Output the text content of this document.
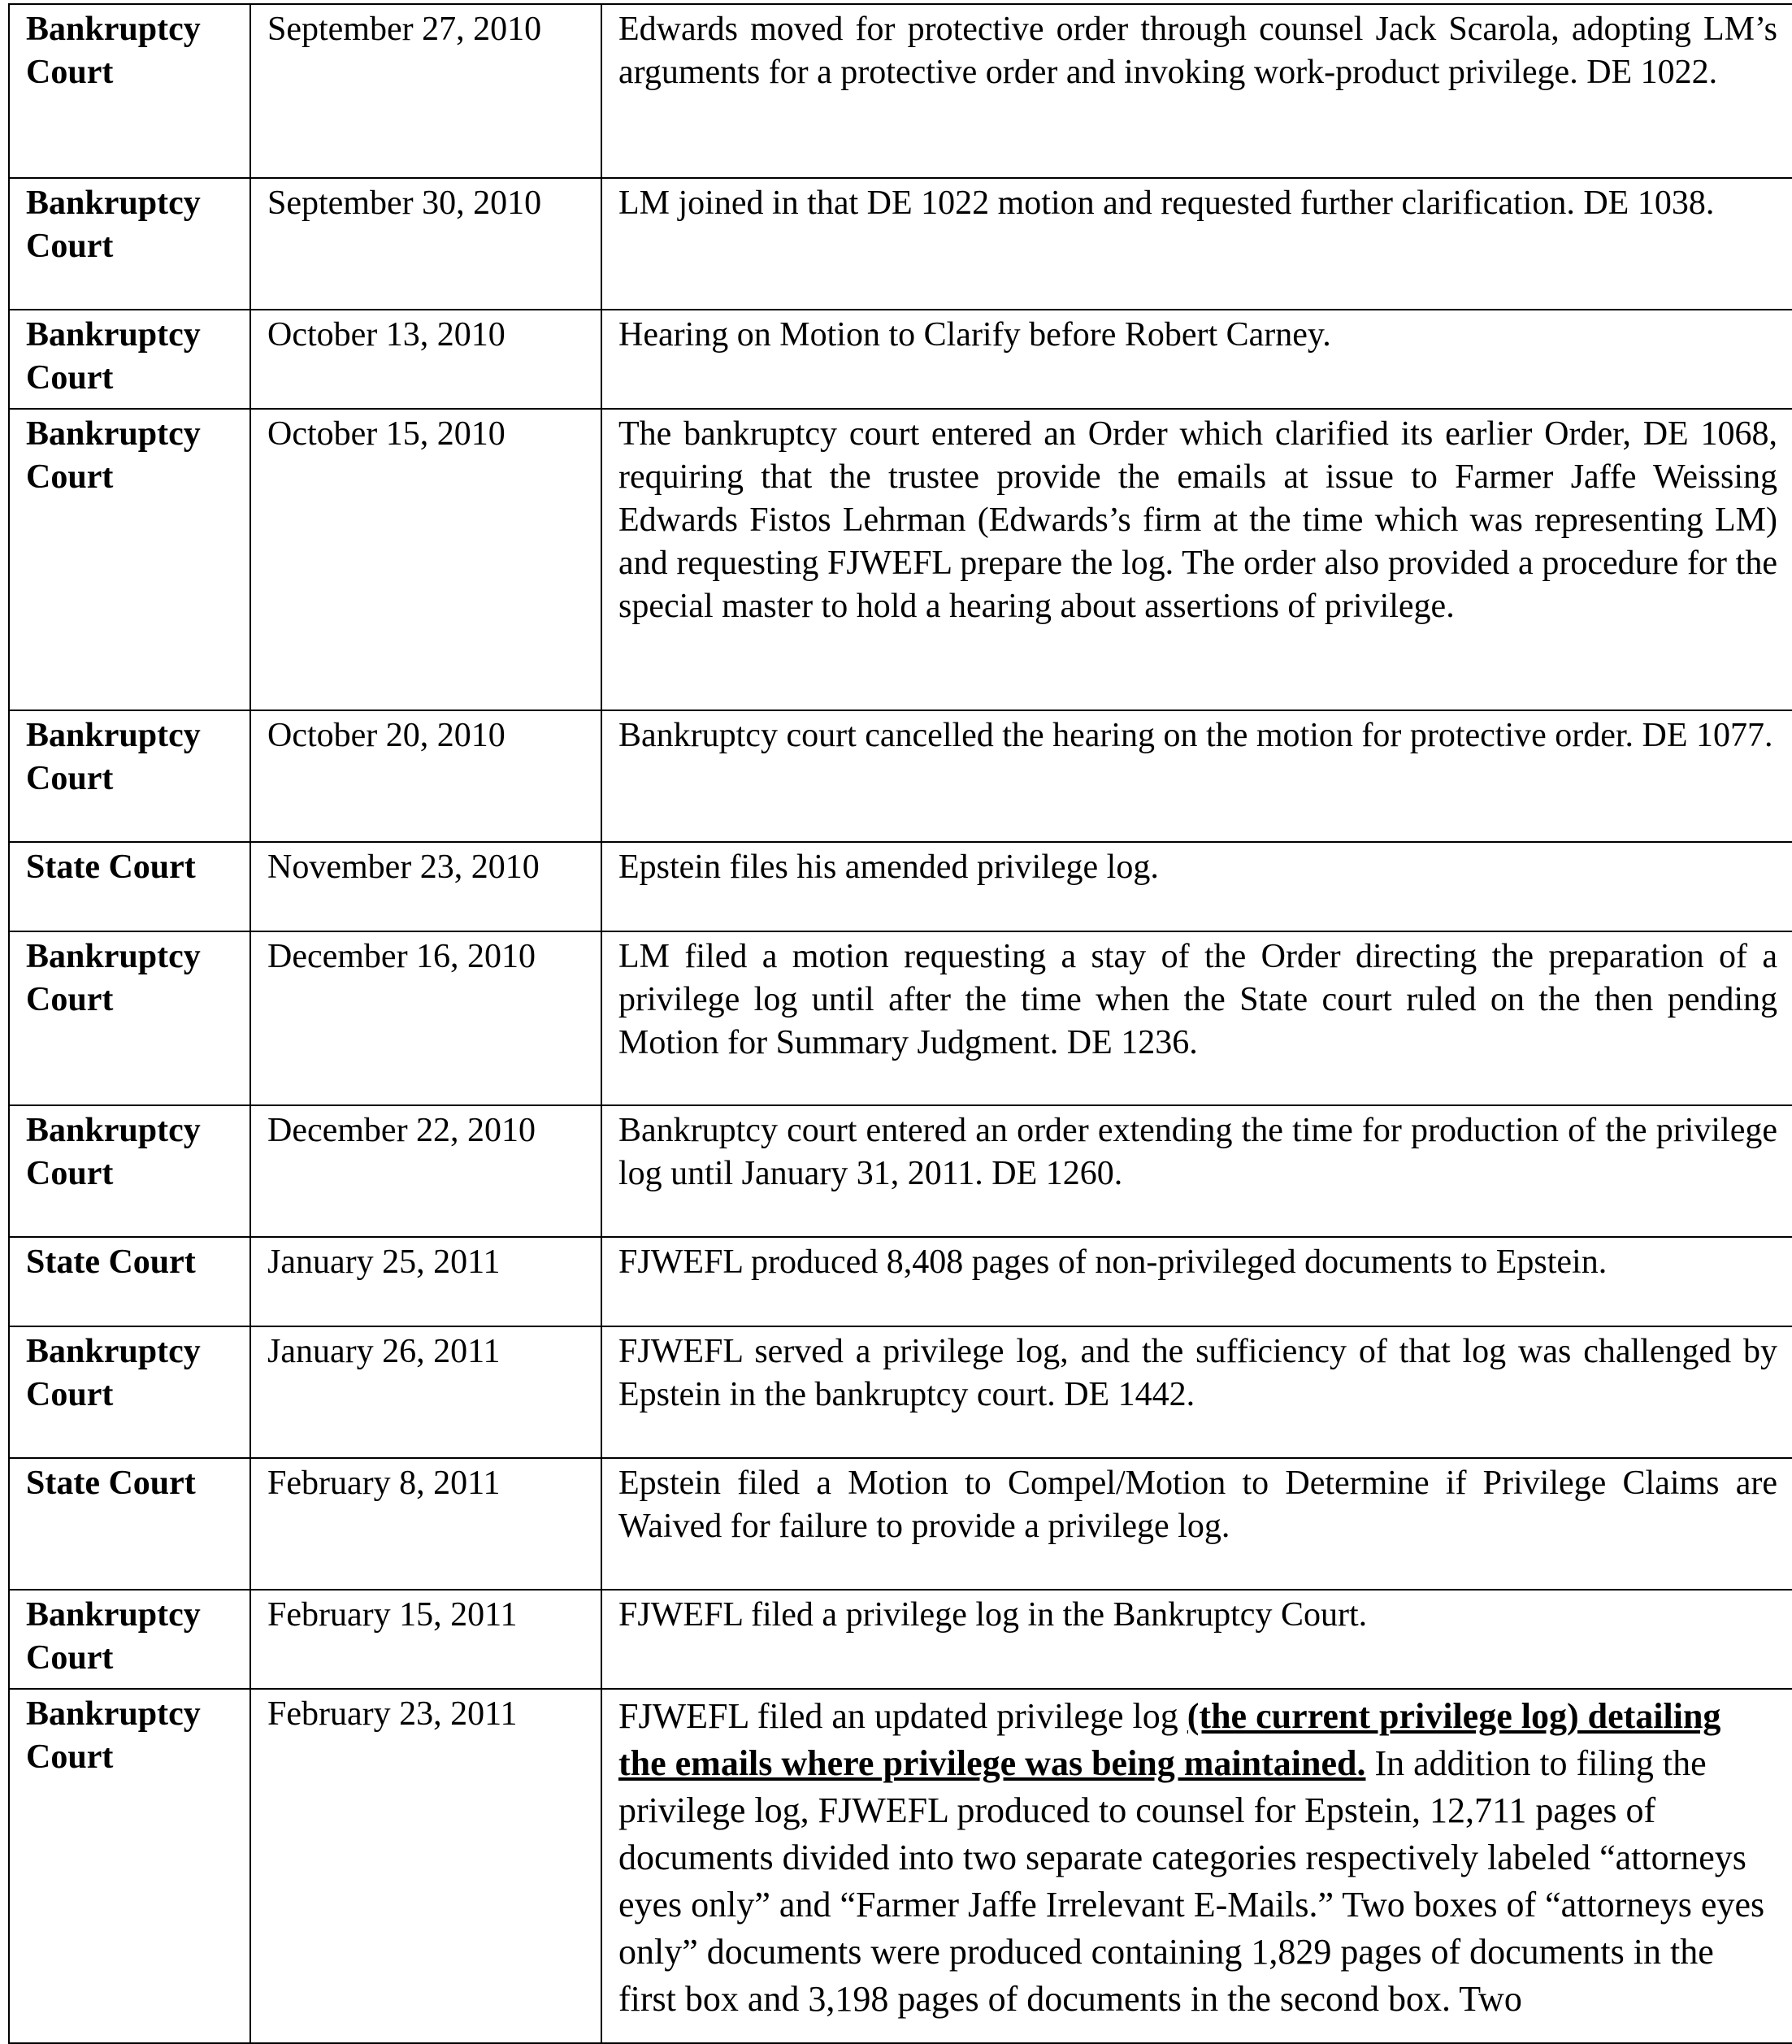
Bankruptcy Court	September 27, 2010	Edwards moved for protective order through counsel Jack Scarola, adopting LM’s arguments for a protective order and invoking work-product privilege. DE 1022.
Bankruptcy Court	September 30, 2010	LM joined in that DE 1022 motion and requested further clarification. DE 1038.
Bankruptcy Court	October 13, 2010	Hearing on Motion to Clarify before Robert Carney.
Bankruptcy Court	October 15, 2010	The bankruptcy court entered an Order which clarified its earlier Order, DE 1068, requiring that the trustee provide the emails at issue to Farmer Jaffe Weissing Edwards Fistos Lehrman (Edwards’s firm at the time which was representing LM) and requesting FJWEFL prepare the log. The order also provided a procedure for the special master to hold a hearing about assertions of privilege.
Bankruptcy Court	October 20, 2010	Bankruptcy court cancelled the hearing on the motion for protective order. DE 1077.
State Court	November 23, 2010	Epstein files his amended privilege log.
Bankruptcy Court	December 16, 2010	LM filed a motion requesting a stay of the Order directing the preparation of a privilege log until after the time when the State court ruled on the then pending Motion for Summary Judgment. DE 1236.
Bankruptcy Court	December 22, 2010	Bankruptcy court entered an order extending the time for production of the privilege log until January 31, 2011. DE 1260.
State Court	January 25, 2011	FJWEFL produced 8,408 pages of non-privileged documents to Epstein.
Bankruptcy Court	January 26, 2011	FJWEFL served a privilege log, and the sufficiency of that log was challenged by Epstein in the bankruptcy court. DE 1442.
State Court	February 8, 2011	Epstein filed a Motion to Compel/Motion to Determine if Privilege Claims are Waived for failure to provide a privilege log.
Bankruptcy Court	February 15, 2011	FJWEFL filed a privilege log in the Bankruptcy Court.
Bankruptcy Court	February 23, 2011	FJWEFL filed an updated privilege log (the current privilege log) detailing the emails where privilege was being maintained. In addition to filing the privilege log, FJWEFL produced to counsel for Epstein, 12,711 pages of documents divided into two separate categories respectively labeled “attorneys eyes only” and “Farmer Jaffe Irrelevant E-Mails.” Two boxes of “attorneys eyes only” documents were produced containing 1,829 pages of documents in the first box and 3,198 pages of documents in the second box. Two
